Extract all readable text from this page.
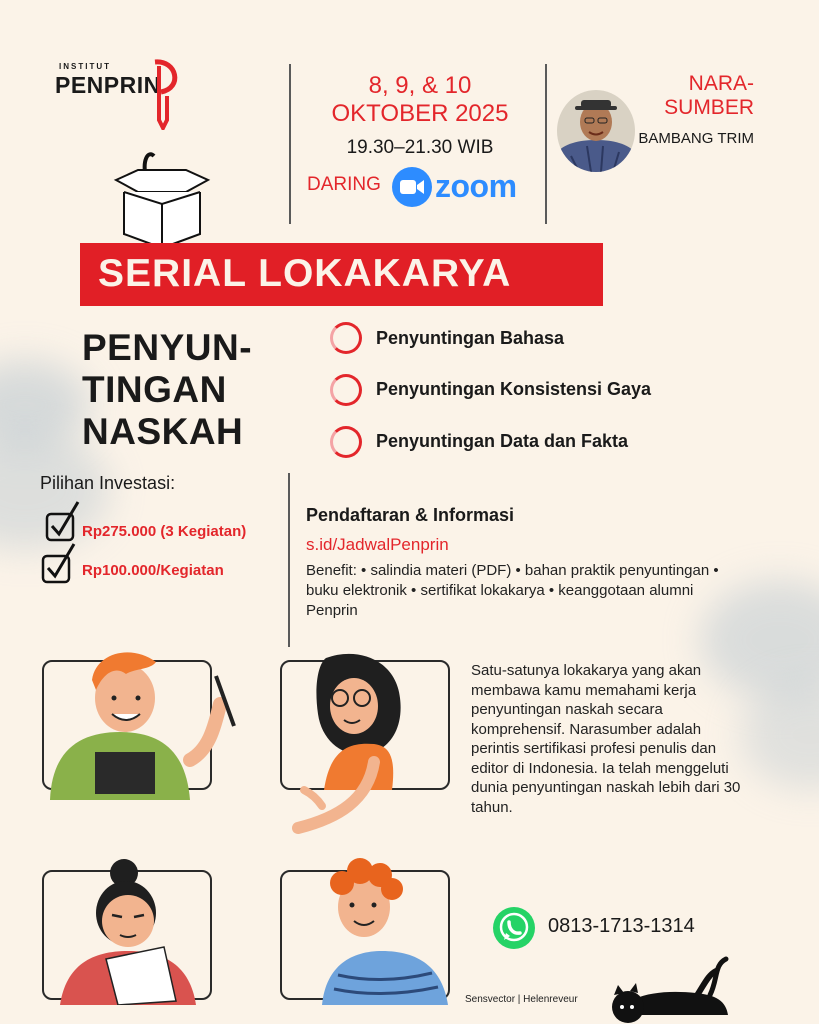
INSTITUT
PENPRIN	8, 9, & 10
OKTOBER 2025
19.30–21.30 WIB
DARING zoom
NARA-
SUMBER
BAMBANG TRIM
SERIAL LOKAKARYA
PENYUN-
TINGAN
NASKAH
Penyuntingan Bahasa
Penyuntingan Konsistensi Gaya
Penyuntingan Data dan Fakta
Pilihan Investasi:
Rp275.000 (3 Kegiatan)
Rp100.000/Kegiatan
Pendaftaran & Informasi
s.id/JadwalPenprin
Benefit: • salindia materi (PDF) • bahan praktik penyuntingan • buku elektronik • sertifikat lokakarya • keanggotaan alumni Penprin
Satu-satunya lokakarya yang akan membawa kamu memahami kerja penyuntingan naskah secara komprehensif. Narasumber adalah perintis sertifikasi profesi penulis dan editor di Indonesia. Ia telah menggeluti dunia penyuntingan naskah lebih dari 30 tahun.
0813-1713-1314
Sensvector | Helenreveur
